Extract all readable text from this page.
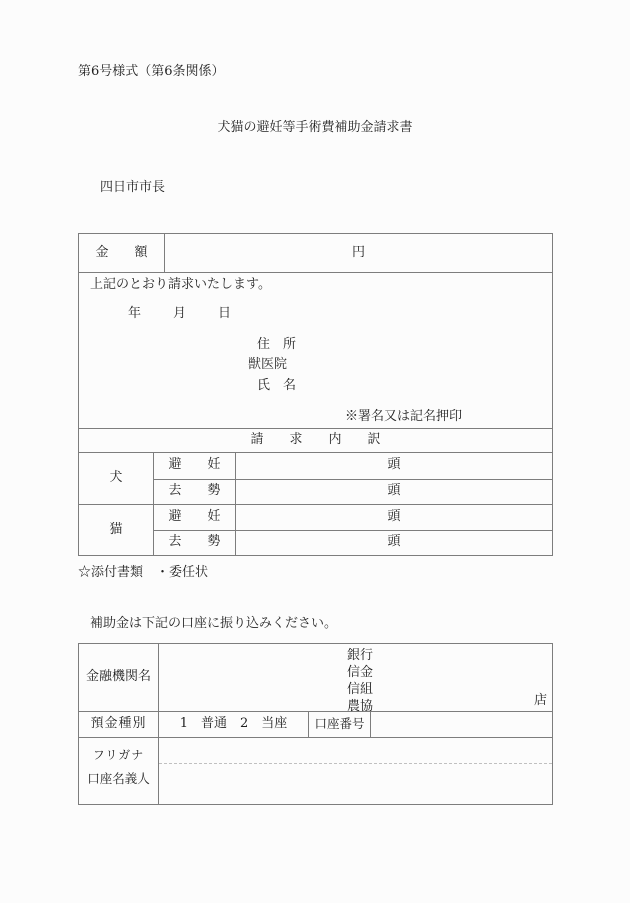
第6号様式（第6条関係）
犬猫の避妊等手術費補助金請求書
四日市市長
金　　額	円
上記のとおり請求いたします。
年 月 日
住　所
獣医院
氏　名
※署名又は記名押印
請　　求　　内　　訳
犬
避　　妊	頭
去　　勢	頭
猫
避　　妊	頭
去　　勢	頭
☆添付書類　・委任状
補助金は下記の口座に振り込みください。
金融機関名
銀行
信金
信組
農協	店
預金種別	1　普通　2　当座	口座番号
フリガナ
口座名義人
